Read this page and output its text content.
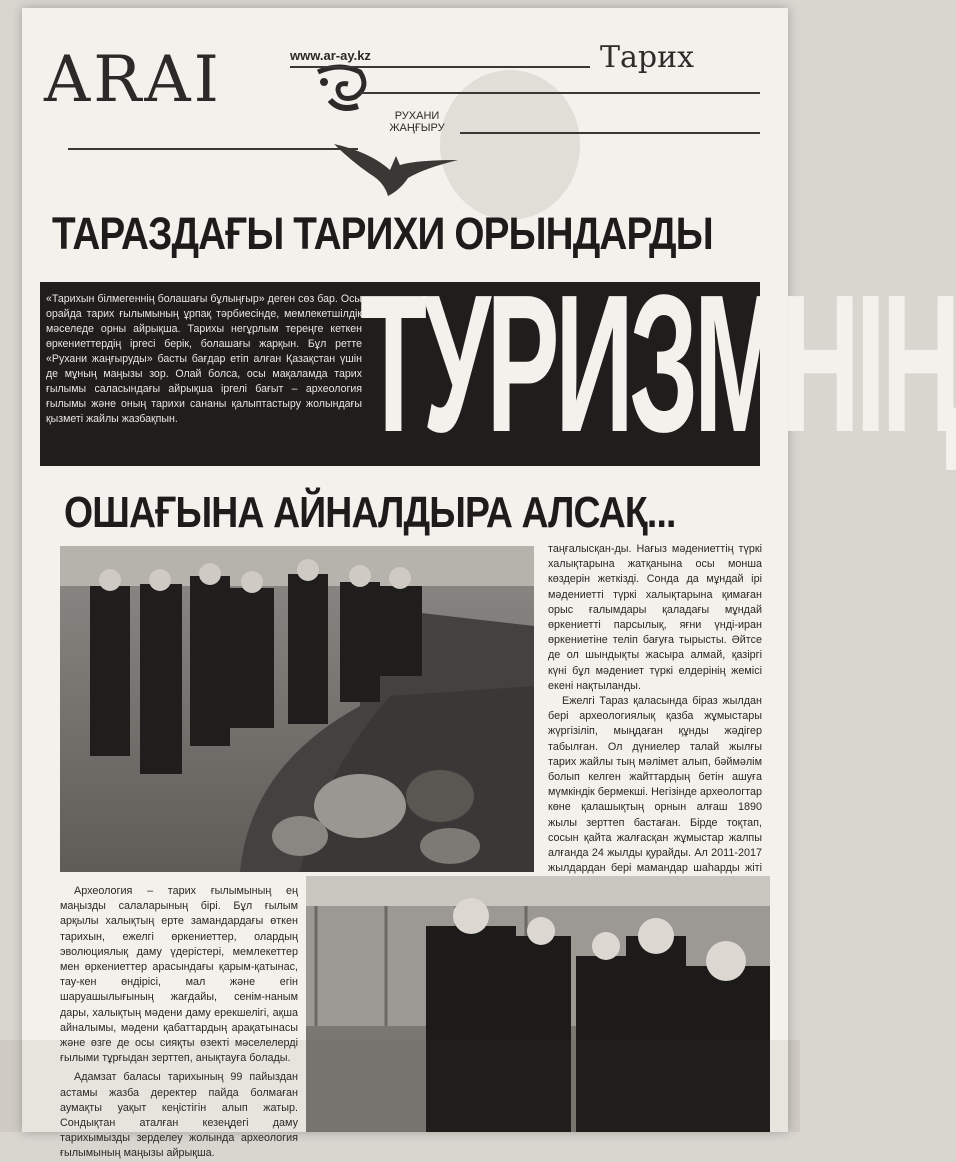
ARAI	www.ar-ay.kz	Тарих
РУХАНИ
ЖАҢҒЫРУ
ТАРАЗДАҒЫ ТАРИХИ ОРЫНДАРДЫ
«Тарихын білмегеннің болашағы бұлыңғыр» деген сөз бар. Осы орайда тарих ғылымының ұрпақ тәрбиесінде, мемлекетшілдік мәселеде орны айрықша. Тарихы негұрлым тереңге кеткен өркениеттердің іргесі берік, болашағы жарқын. Бұл ретте «Рухани жаңғыруды» басты бағдар етіп алған Қазақстан үшін де мұның маңызы зор. Олай болса, осы мақаламда тарих ғылымы саласындағы айрықша іргелі бағыт – археология ғылымы және оның тарихи сананы қалыптастыру жолындағы қызметі жайлы жазбақпын. ТУРИЗМНІҢ
ОШАҒЫНА АЙНАЛДЫРА АЛСАҚ...

таңғалысқан-ды. Нағыз мәдениеттің түркі халықтарына жатқанына осы монша көздерін жеткізді. Сонда да мұндай ірі мәдениетті түркі халықтарына қимаған орыс ғалымдары қаладағы мұндай өркениетті парсылық, яғни үнді-иран өркениетіне теліп бағуға тырысты. Әйтсе де ол шындықты жасыра алмай, қазіргі күні бұл мәдениет түркі елдерінің жемісі екені нақтыланды.

Ежелгі Тараз қаласында біраз жылдан бері археологиялық қазба жұмыстары жүргізіліп, мыңдаған құнды жәдігер табылған. Ол дүниелер талай жылғы тарих жайлы тың мәлімет алып, бәймәлім болып келген жайттардың бетін ашуға мүмкіндік бермекші. Негізінде археологтар көне қалашықтың орнын алғаш 1890 жылы зерттеп бастаған. Бірде тоқтап, сосын қайта жалғасқан жұмыстар жалпы алғанда 24 жылды қурайды. Ал 2011-2017 жылдардан бері мамандар шаһарды жіті

Археология – тарих ғылымының ең маңызды салаларының бірі. Бұл ғылым арқылы халықтың ерте замандардағы өткен тарихын, ежелгі өркениеттер, олардың эволюциялық даму үдерістері, мемлекеттер мен өркениеттер арасындағы қарым-қатынас, тау-кен өндірісі, мал және егін шаруашылығының жағдайы, сенім-наным дары, халықтың мәдени даму ерекшелігі, ақша айналымы, мәдени қабаттардың арақатынасы және өзге де осы сияқты өзекті мәселелерді ғылыми тұрғыдан зерттеп, анықтауға болады.

Адамзат баласы тарихының 99 пайыздан астамы жазба деректер пайда болмаған аумақты уақыт кеңістігін алып жатыр. Сондықтан аталған кезеңдегі даму тарихымызды зерделеу жолында археология ғылымының маңызы айрықша.
